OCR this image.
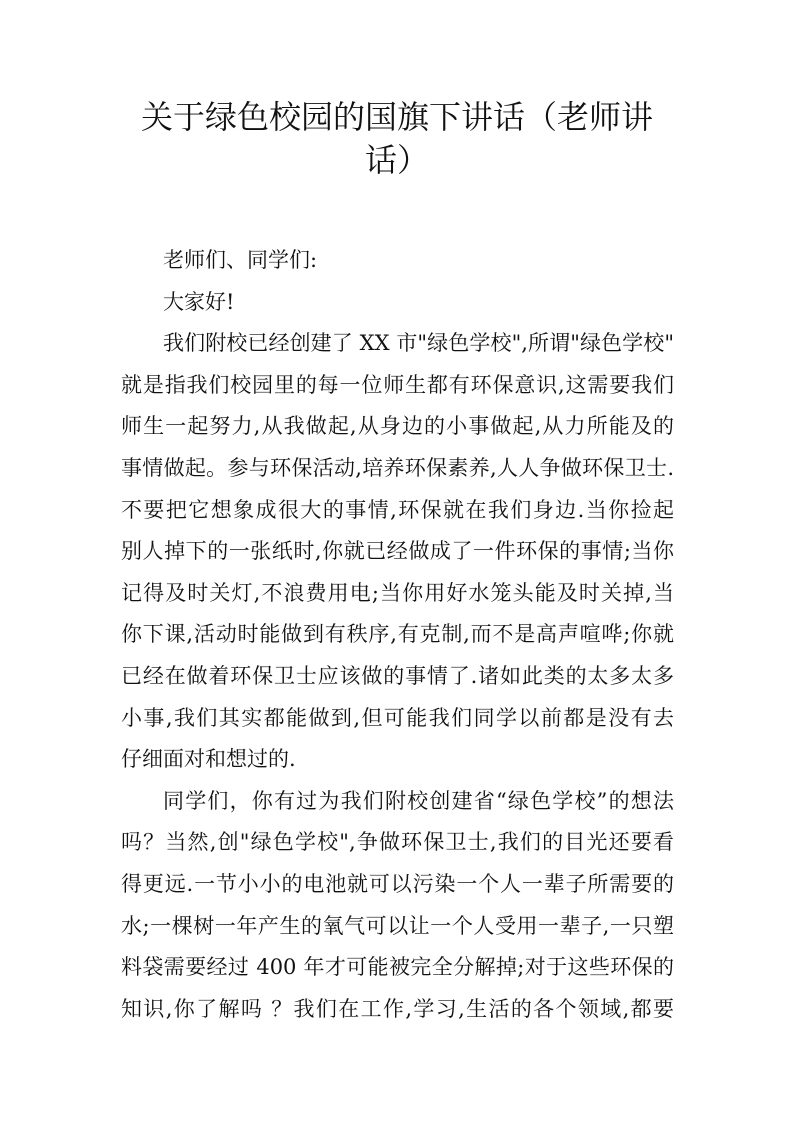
关于绿色校园的国旗下讲话（老师讲
话）
老师们、同学们:
大家好!
我们附校已经创建了 XX 市"绿色学校",所谓"绿色学校"
就是指我们校园里的每一位师生都有环保意识,这需要我们
师生一起努力,从我做起,从身边的小事做起,从力所能及的
事情做起。参与环保活动,培养环保素养,人人争做环保卫士.
不要把它想象成很大的事情,环保就在我们身边.当你捡起
别人掉下的一张纸时,你就已经做成了一件环保的事情;当你
记得及时关灯,不浪费用电;当你用好水笼头能及时关掉,当
你下课,活动时能做到有秩序,有克制,而不是高声喧哗;你就
已经在做着环保卫士应该做的事情了.诸如此类的太多太多
小事,我们其实都能做到,但可能我们同学以前都是没有去
仔细面对和想过的.
同学们，你有过为我们附校创建省“绿色学校”的想法
吗？当然,创"绿色学校",争做环保卫士,我们的目光还要看
得更远.一节小小的电池就可以污染一个人一辈子所需要的
水;一棵树一年产生的氧气可以让一个人受用一辈子,一只塑
料袋需要经过 400 年才可能被完全分解掉;对于这些环保的
知识,你了解吗 ？我们在工作,学习,生活的各个领域,都要
